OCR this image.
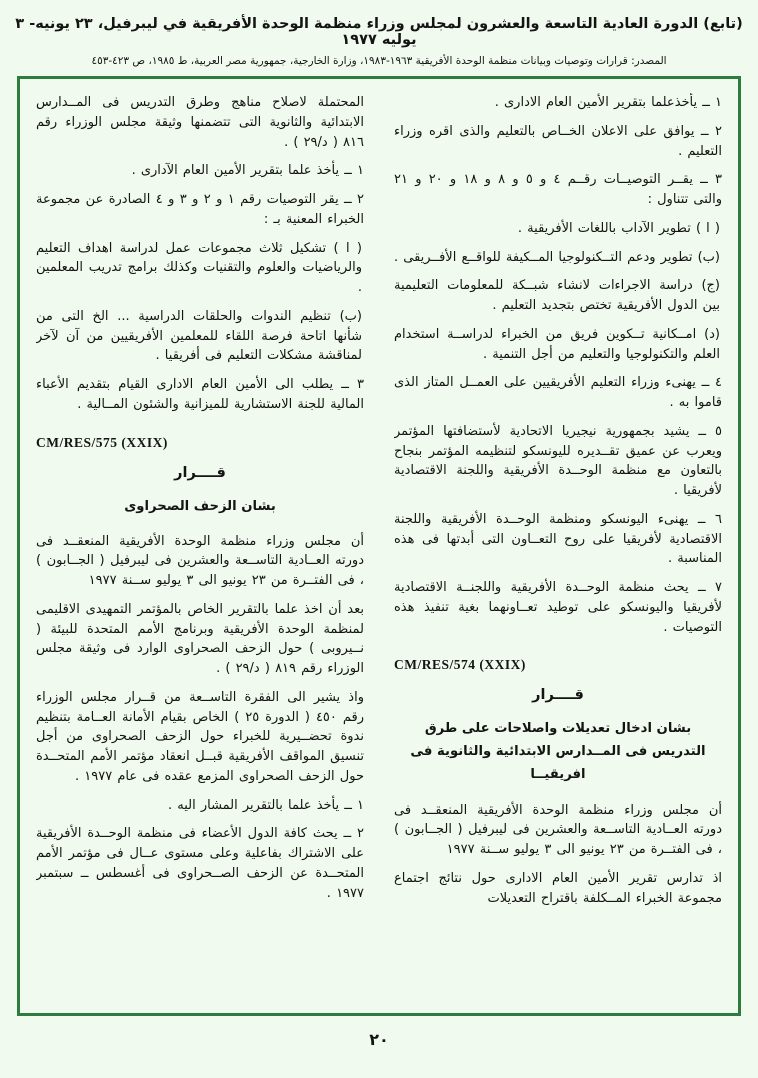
(تابع) الدورة العادية التاسعة والعشرون لمجلس وزراء منظمة الوحدة الأفريقية في ليبرفيل، ٢٣ يونيه- ٣ يوليه ١٩٧٧
المصدر: قرارات وتوصيات وبيانات منظمة الوحدة الأفريقية ١٩٦٣-١٩٨٣، وزارة الخارجية، جمهورية مصر العربية، ط ١٩٨٥، ص ٤٢٣-٤٥٣

١ ــ يأخذعلما بتقرير الأمين العام الادارى .

٢ ــ يوافق على الاعلان الخــاص بالتعليم والذى اقره وزراء التعليم .

٣ ــ يقــر التوصيــات رقــم ٤ و ٥ و ٨ و ١٨ و ٢٠ و ٢١ والتى تتناول :

( ا ) تطوير الآداب باللغات الأفريقية .

(ب) تطوير ودعم التــكنولوجيا المــكيفة للواقــع الأفــريقى .

(ج) دراسة الاجراءات لانشاء شبــكة للمعلومات التعليمية بين الدول الأفريقية تختص بتجديد التعليم .

(د) امــكانية تــكوين فريق من الخبراء لدراســة استخدام العلم والتكنولوجيا والتعليم من أجل التنمية .

٤ ــ يهنىء وزراء التعليم الأفريقيين على العمــل المتاز الذى قاموا به .

٥ ــ يشيد بجمهورية نيجيريا الاتحادية لأستضافتها المؤتمر ويعرب عن عميق تقــديره لليونسكو لتنظيمه المؤتمر بنجاح بالتعاون مع منظمة الوحــدة الأفريقية واللجنة الاقتصادية لأفريقيا .

٦ ــ يهنىء اليونسكو ومنظمة الوحــدة الأفريقية واللجنة الاقتصادية لأفريقيا على روح التعــاون التى أبدتها فى هذه المناسبة .

٧ ــ يحث منظمة الوحــدة الأفريقية واللجنــة الاقتصادية لأفريقيا واليونسكو على توطيد تعــاونهما بغية تنفيذ هذه التوصيات .

CM/RES/574 (XXIX)

قــــرار
بشان ادخال تعديلات واصلاحات على طرق التدريس فى المــدارس الابتدائية والثانوية فى افريقيــا

أن مجلس وزراء منظمة الوحدة الأفريقية المنعقــد فى دورته العــادية التاســعة والعشرين فى ليبرفيل ( الجــابون ) ، فى الفتــرة من ٢٣ يونيو الى ٣ يوليو ســنة ١٩٧٧

اذ تدارس تقرير الأمين العام الادارى حول نتائج اجتماع مجموعة الخبراء المــكلفة باقتراح التعديلات

المحتملة لاصلاح مناهج وطرق التدريس فى المــدارس الابتدائية والثانوية التى تتضمنها وثيقة مجلس الوزراء رقم ٨١٦ ( د/٢٩ ) .

١ ــ يأخذ علما بتقرير الأمين العام الآدارى .

٢ ــ يقر التوصيات رقم ١ و ٢ و ٣ و ٤ الصادرة عن مجموعة الخبراء المعنية بـ :

( ا ) تشكيل ثلاث مجموعات عمل لدراسة اهداف التعليم والرياضيات والعلوم والتقنيات وكذلك برامج تدريب المعلمين .

(ب) تنظيم الندوات والحلقات الدراسية ... الخ التى من شأنها اتاحة فرصة اللقاء للمعلمين الأفريقيين من آن لآخر لمناقشة مشكلات التعليم فى أفريقيا .

٣ ــ يطلب الى الأمين العام الادارى القيام بتقديم الأعباء المالية للجنة الاستشارية للميزانية والشئون المــالية .

CM/RES/575 (XXIX)

قــــرار
بشان الزحف الصحراوى

أن مجلس وزراء منظمة الوحدة الأفريقية المنعقــد فى دورته العــادية التاســعة والعشرين فى ليبرفيل ( الجــابون ) ، فى الفتــرة من ٢٣ يونيو الى ٣ يوليو ســنة ١٩٧٧

بعد أن اخذ علما بالتقرير الخاص بالمؤتمر التمهيدى الاقليمى لمنظمة الوحدة الأفريقية وبرنامج الأمم المتحدة للبيئة ( نــيروبى ) حول الزحف الصحراوى الوارد فى وثيقة مجلس الوزراء رقم ٨١٩ ( د/٢٩ ) .

واذ يشير الى الفقرة التاســعة من قــرار مجلس الوزراء رقم ٤٥٠ ( الدورة ٢٥ ) الخاص بقيام الأمانة العــامة بتنظيم ندوة تحضــيرية للخبراء حول الزحف الصحراوى من أجل تنسيق المواقف الأفريقية قبــل انعقاد مؤتمر الأمم المتحــدة حول الزحف الصحراوى المزمع عقده فى عام ١٩٧٧ .

١ ــ يأخذ علما بالتقرير المشار اليه .

٢ ــ يحث كافة الدول الأعضاء فى منظمة الوحــدة الأفريقية على الاشتراك بفاعلية وعلى مستوى عــال فى مؤتمر الأمم المتحــدة عن الزحف الصــحراوى فى أغسطس ــ سبتمبر ١٩٧٧ .

٢٠
